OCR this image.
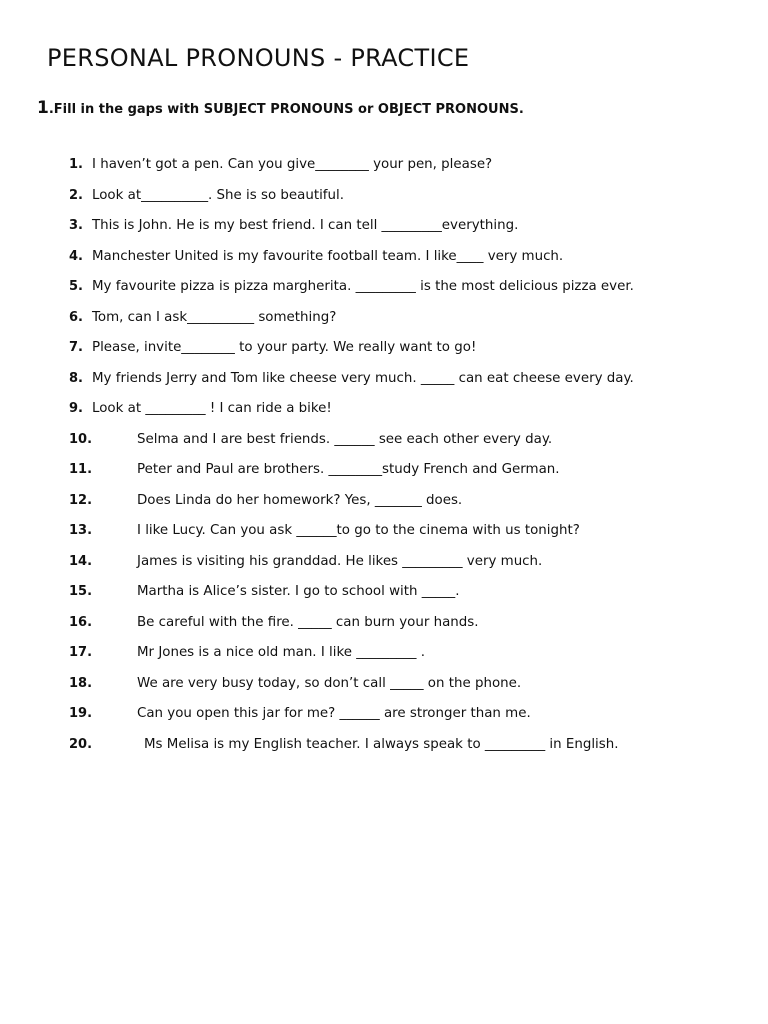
PERSONAL PRONOUNS - PRACTICE
1.Fill in the gaps with SUBJECT PRONOUNS or OBJECT PRONOUNS.
1. I haven’t got a pen. Can you give________ your pen, please?
2. Look at__________. She is so beautiful.
3. This is John. He is my best friend. I can tell _________everything.
4. Manchester United is my favourite football team. I like____ very much.
5. My favourite pizza is pizza margherita. _________ is the most delicious pizza ever.
6. Tom, can I ask__________ something?
7. Please, invite________ to your party. We really want to go!
8. My friends Jerry and Tom like cheese very much. _____ can eat cheese every day.
9. Look at _________ ! I can ride a bike!
10.	Selma and I are best friends. ______ see each other every day.
11.	Peter and Paul are brothers. ________study French and German.
12.	Does Linda do her homework? Yes, _______ does.
13.	I like Lucy. Can you ask ______to go to the cinema with us tonight?
14.	James is visiting his granddad. He likes _________ very much.
15.	Martha is Alice’s sister. I go to school with _____.
16.	Be careful with the fire. _____ can burn your hands.
17.	Mr Jones is a nice old man. I like _________ .
18.	We are very busy today, so don’t call _____ on the phone.
19.	Can you open this jar for me? ______ are stronger than me.
20.	Ms Melisa is my English teacher. I always speak to _________ in English.
